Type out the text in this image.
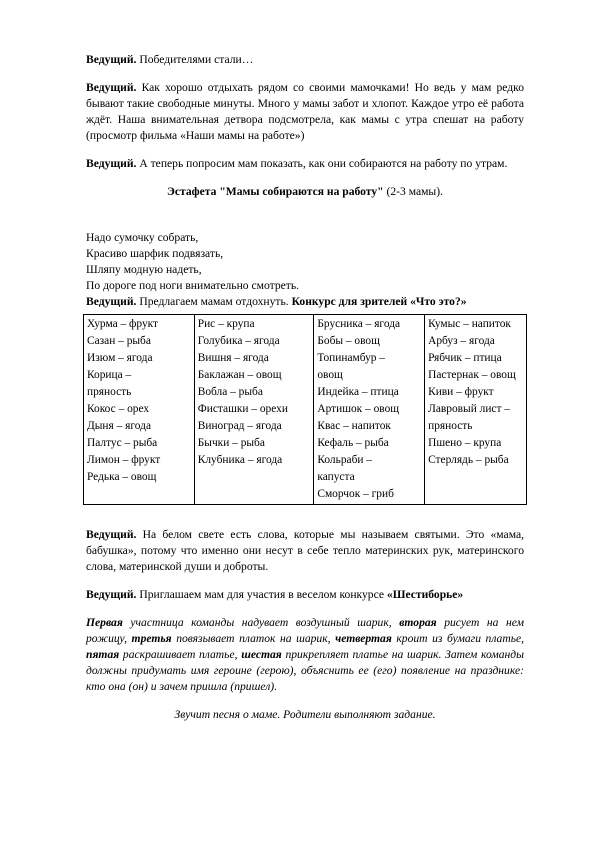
Ведущий. Победителями стали…

Ведущий. Как хорошо отдыхать рядом со своими мамочками! Но ведь у мам редко бывают такие свободные минуты. Много у мамы забот и хлопот. Каждое утро её работа ждёт. Наша внимательная детвора подсмотрела, как мамы с утра спешат на работу (просмотр фильма «Наши мамы на работе»)

Ведущий. А теперь попросим мам показать, как они собираются на работу по утрам.

Эстафета "Мамы собираются на работу" (2-3 мамы).

Надо сумочку собрать,

Красиво шарфик подвязать,

Шляпу модную надеть,

По дороге под ноги внимательно смотреть.

Ведущий. Предлагаем мамам отдохнуть. Конкурс для зрителей «Что это?»

Хурма – фрукт
Сазан – рыба
Изюм – ягода
Корица –
пряность
Кокос – орех
Дыня – ягода
Палтус – рыба
Лимон – фрукт
Редька – овощ

Рис – крупа
Голубика – ягода
Вишня – ягода
Баклажан – овощ
Вобла – рыба
Фисташки – орехи
Виноград – ягода
Бычки – рыба
Клубника – ягода

Брусника – ягода
Бобы – овощ
Топинамбур –
овощ
Индейка – птица
Артишок – овощ
Квас – напиток
Кефаль – рыба
Кольраби –
капуста
Сморчок – гриб

Кумыс – напиток
Арбуз – ягода
Рябчик – птица
Пастернак – овощ
Киви – фрукт
Лавровый лист –
пряность
Пшено – крупа
Стерлядь – рыба

Ведущий. На белом свете есть слова, которые мы называем святыми. Это «мама, бабушка», потому что именно они несут в себе тепло материнских рук, материнского слова, материнской души и доброты.

Ведущий. Приглашаем мам для участия в веселом конкурсе «Шестиборье»

Первая участница команды надувает воздушный шарик, вторая рисует на нем рожицу, третья повязывает платок на шарик, четвертая кроит из бумаги платье, пятая раскрашивает платье, шестая прикрепляет платье на шарик. Затем команды должны придумать имя героине (герою), объяснить ее (его) появление на празднике: кто она (он) и зачем пришла (пришел).

Звучит песня о маме. Родители выполняют задание.
